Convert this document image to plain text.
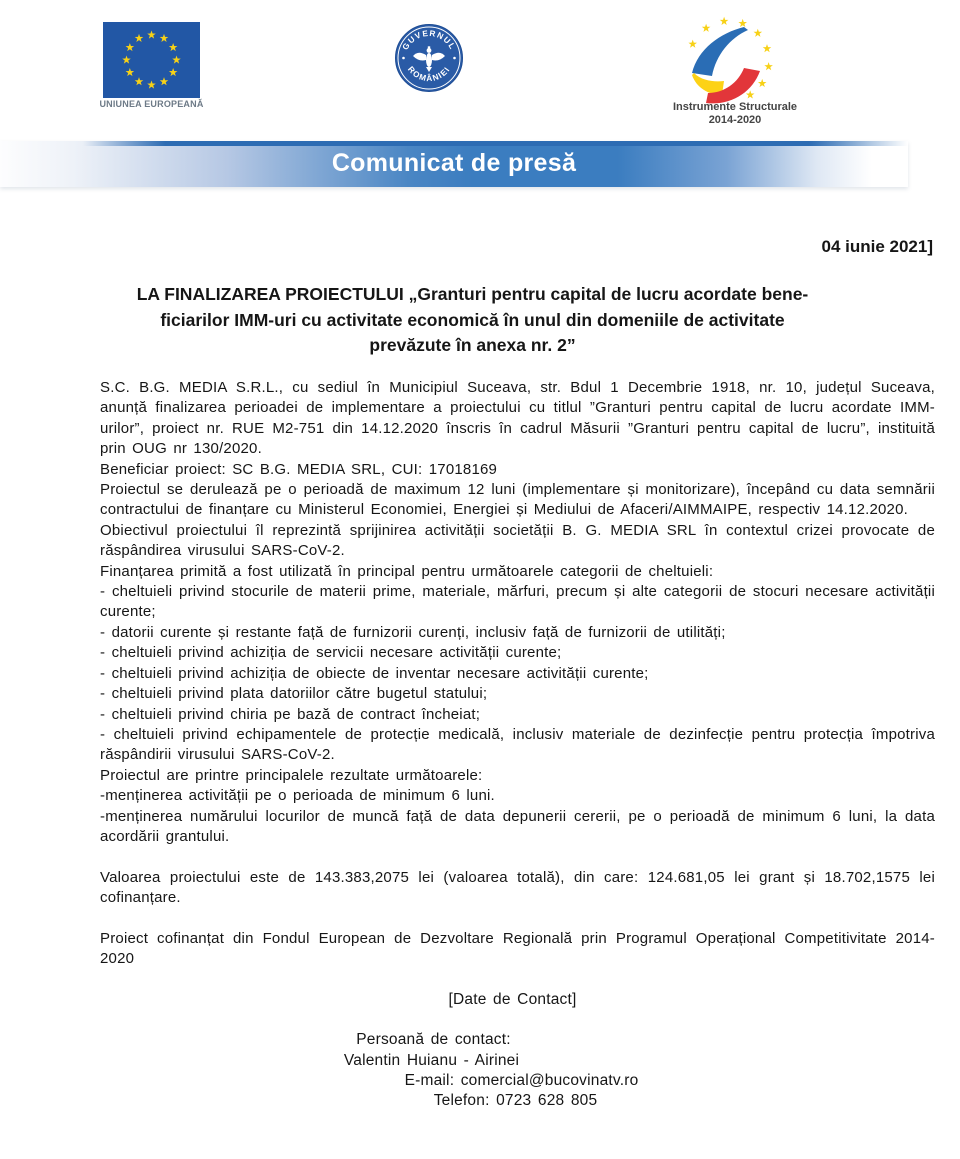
UNIUNEA EUROPEANĂ
GUVERNUL
ROMÂNIEI
Instrumente Structurale
2014-2020
Comunicat de presă
04 iunie 2021]
LA FINALIZAREA PROIECTULUI „Granturi pentru capital de lucru acordate bene-
ficiarilor IMM-uri cu activitate economică în unul din domeniile de activitate
prevăzute în anexa nr. 2”

S.C. B.G. MEDIA S.R.L., cu sediul în Municipiul Suceava, str. Bdul 1 Decembrie 1918, nr. 10, județul Suceava, anunță finalizarea perioadei de implementare a proiectului cu titlul ”Granturi pentru capital de lucru acordate IMM-urilor”, proiect nr. RUE M2-751 din 14.12.2020 înscris în cadrul Măsurii ”Granturi pentru capital de lucru”, instituită prin OUG nr 130/2020.

Beneficiar proiect: SC B.G. MEDIA SRL, CUI: 17018169

Proiectul se derulează pe o perioadă de maximum 12 luni (implementare și monitorizare), începând cu data semnării contractului de finanțare cu Ministerul Economiei, Energiei și Mediului de Afaceri/AIMMAIPE, respectiv 14.12.2020.

Obiectivul proiectului îl reprezintă sprijinirea activității societății B. G. MEDIA SRL în contextul crizei provocate de răspândirea virusului SARS-CoV-2.

Finanțarea primită a fost utilizată în principal pentru următoarele categorii de cheltuieli:

- cheltuieli privind stocurile de materii prime, materiale, mărfuri, precum și alte categorii de stocuri necesare activității curente;

- datorii curente și restante față de furnizorii curenți, inclusiv față de furnizorii de utilități;

- cheltuieli privind achiziția de servicii necesare activității curente;

- cheltuieli privind achiziția de obiecte de inventar necesare activității curente;

- cheltuieli privind plata datoriilor către bugetul statului;

- cheltuieli privind chiria pe bază de contract încheiat;

- cheltuieli privind echipamentele de protecție medicală, inclusiv materiale de dezinfecție pentru protecția împotriva răspândirii virusului SARS-CoV-2.

Proiectul are printre principalele rezultate următoarele:

-menținerea activității pe o perioada de minimum 6 luni.

-menținerea numărului locurilor de muncă față de data depunerii cererii, pe o perioadă de minimum 6 luni, la data acordării grantului.

Valoarea proiectului este de 143.383,2075 lei (valoarea totală), din care: 124.681,05 lei grant și 18.702,1575 lei cofinanțare.

Proiect cofinanțat din Fondul European de Dezvoltare Regională prin Programul Operațional Competitivitate 2014-2020

[Date de Contact]
Persoană de contact:
Valentin Huianu - Airinei
E-mail: comercial@bucovinatv.ro
Telefon: 0723 628 805
